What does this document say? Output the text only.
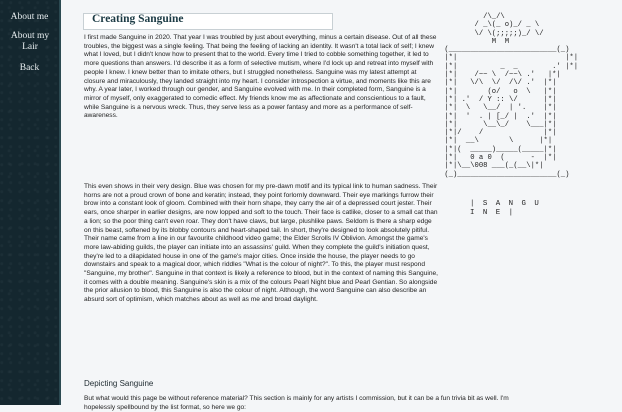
About me
About my Lair
Back
Creating Sanguine

I first made Sanguine in 2020. That year I was troubled by just about everything, minus a certain disease. Out of all these troubles, the biggest was a single feeling. That being the feeling of lacking an identity. It wasn't a total lack of self; I knew what I loved, but I didn't know how to present that to the world. Every time I tried to cobble something together, it led to more questions than answers. I'd describe it as a form of selective mutism, where I'd lock up and retreat into myself with people I knew. I knew better than to imitate others, but I struggled nonetheless. Sanguine was my latest attempt at closure and miraculously, they landed straight into my heart. I consider introspection a virtue, and moments like this are why. A year later, I worked through our gender, and Sanguine evolved with me. In their completed form, Sanguine is a mirror of myself, only exaggerated to comedic effect. My friends know me as affectionate and conscientious to a fault, while Sanguine is a nervous wreck. Thus, they serve less as a power fantasy and more as a performance of self-awareness.

This even shows in their very design. Blue was chosen for my pre-dawn motif and its typical link to human sadness. Their horns are not a proud crown of bone and keratin; instead, they point forlornly downward. Their eye markings furrow their brow into a constant look of gloom. Combined with their horn shape, they carry the air of a depressed court jester. Their ears, once sharper in earlier designs, are now lopped and soft to the touch. Their face is catlike, closer to a small cat than a lion; so the poor thing can't even roar. They don't have claws, but large, plushlike paws. Seldom is there a sharp edge on this beast, softened by its blobby contours and heart-shaped tail. In short, they're designed to look absolutely pitiful. Their name came from a line in our favourite childhood video game; the Elder Scrolls IV Oblivion. Amongst the game's more law-abiding guilds, the player can initiate into an assassins' guild. When they complete the guild's initiation quest, they're led to a dilapidated house in one of the game's major cities. Once inside the house, the player needs to go downstairs and speak to a magical door, which riddles "What is the colour of night?". To this, the player must respond "Sanguine, my brother". Sanguine in that context is likely a reference to blood, but in the context of naming this Sanguine, it comes with a double meaning. Sanguine's skin is a mix of the colours Pearl Night blue and Pearl Gentian. So alongside the prior allusion to blood, this Sanguine is also the colour of night. Although, the word Sanguine can also describe an absurd sort of optimism, which matches about as well as me and broad daylight.

/\_/\
/ _\(_ o)_/ _ \
\/ \(;;;;;)_/ \/
M  M
(_________________________(_)
|*|                         |*|
|*|          _  _        .' |*|
|*|    /~~ \  /~~\ .'   |*|
|*|   \/\  \/  /\/ .'  |*|
|*|       (o/   o  \   |*|
|*| .'  / Y :: \/      |*|
|*|  \   \__/  | '.    |*|
|*|  '  . | [_/ |  .'  |*|
|*|      \__\_/    \___|*|
|*|/    /              |*|
|*|  __\       \      |*|
|*|(  _____)_____(_____|*|
|*|   0 a 0  (      -  |*|
|*|\__\008 ___(_(__\|*|
(_)_______________________(_)
| S A N G U I N E |
Depicting Sanguine

But what would this page be without reference material? This section is mainly for any artists I commission, but it can be a fun trivia bit as well. I'm hopelessly spellbound by the list format, so here we go:
